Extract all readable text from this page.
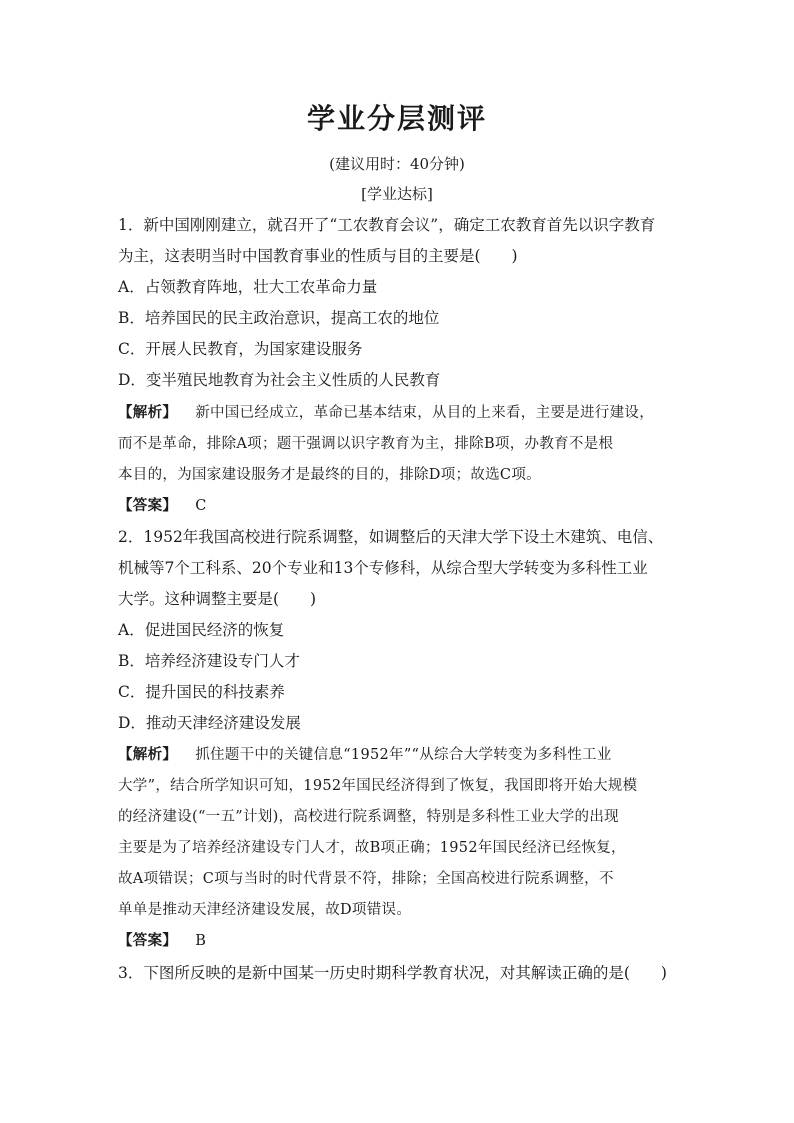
学业分层测评
(建议用时：40分钟)
[学业达标]
1．新中国刚刚建立，就召开了“工农教育会议”，确定工农教育首先以识字教育
为主，这表明当时中国教育事业的性质与目的主要是(　　)
A．占领教育阵地，壮大工农革命力量
B．培养国民的民主政治意识，提高工农的地位
C．开展人民教育，为国家建设服务
D．变半殖民地教育为社会主义性质的人民教育
【解析】 新中国已经成立，革命已基本结束，从目的上来看，主要是进行建设，
而不是革命，排除A项；题干强调以识字教育为主，排除B项，办教育不是根
本目的，为国家建设服务才是最终的目的，排除D项；故选C项。
【答案】 C
2．1952年我国高校进行院系调整，如调整后的天津大学下设土木建筑、电信、
机械等7个工科系、20个专业和13个专修科，从综合型大学转变为多科性工业
大学。这种调整主要是(　　)
A．促进国民经济的恢复
B．培养经济建设专门人才
C．提升国民的科技素养
D．推动天津经济建设发展
【解析】 抓住题干中的关键信息“1952年”“从综合大学转变为多科性工业
大学”，结合所学知识可知，1952年国民经济得到了恢复，我国即将开始大规模
的经济建设(“一五”计划)，高校进行院系调整，特别是多科性工业大学的出现
主要是为了培养经济建设专门人才，故B项正确；1952年国民经济已经恢复，
故A项错误；C项与当时的时代背景不符，排除；全国高校进行院系调整，不
单单是推动天津经济建设发展，故D项错误。
【答案】 B
3．下图所反映的是新中国某一历史时期科学教育状况，对其解读正确的是(　　)
